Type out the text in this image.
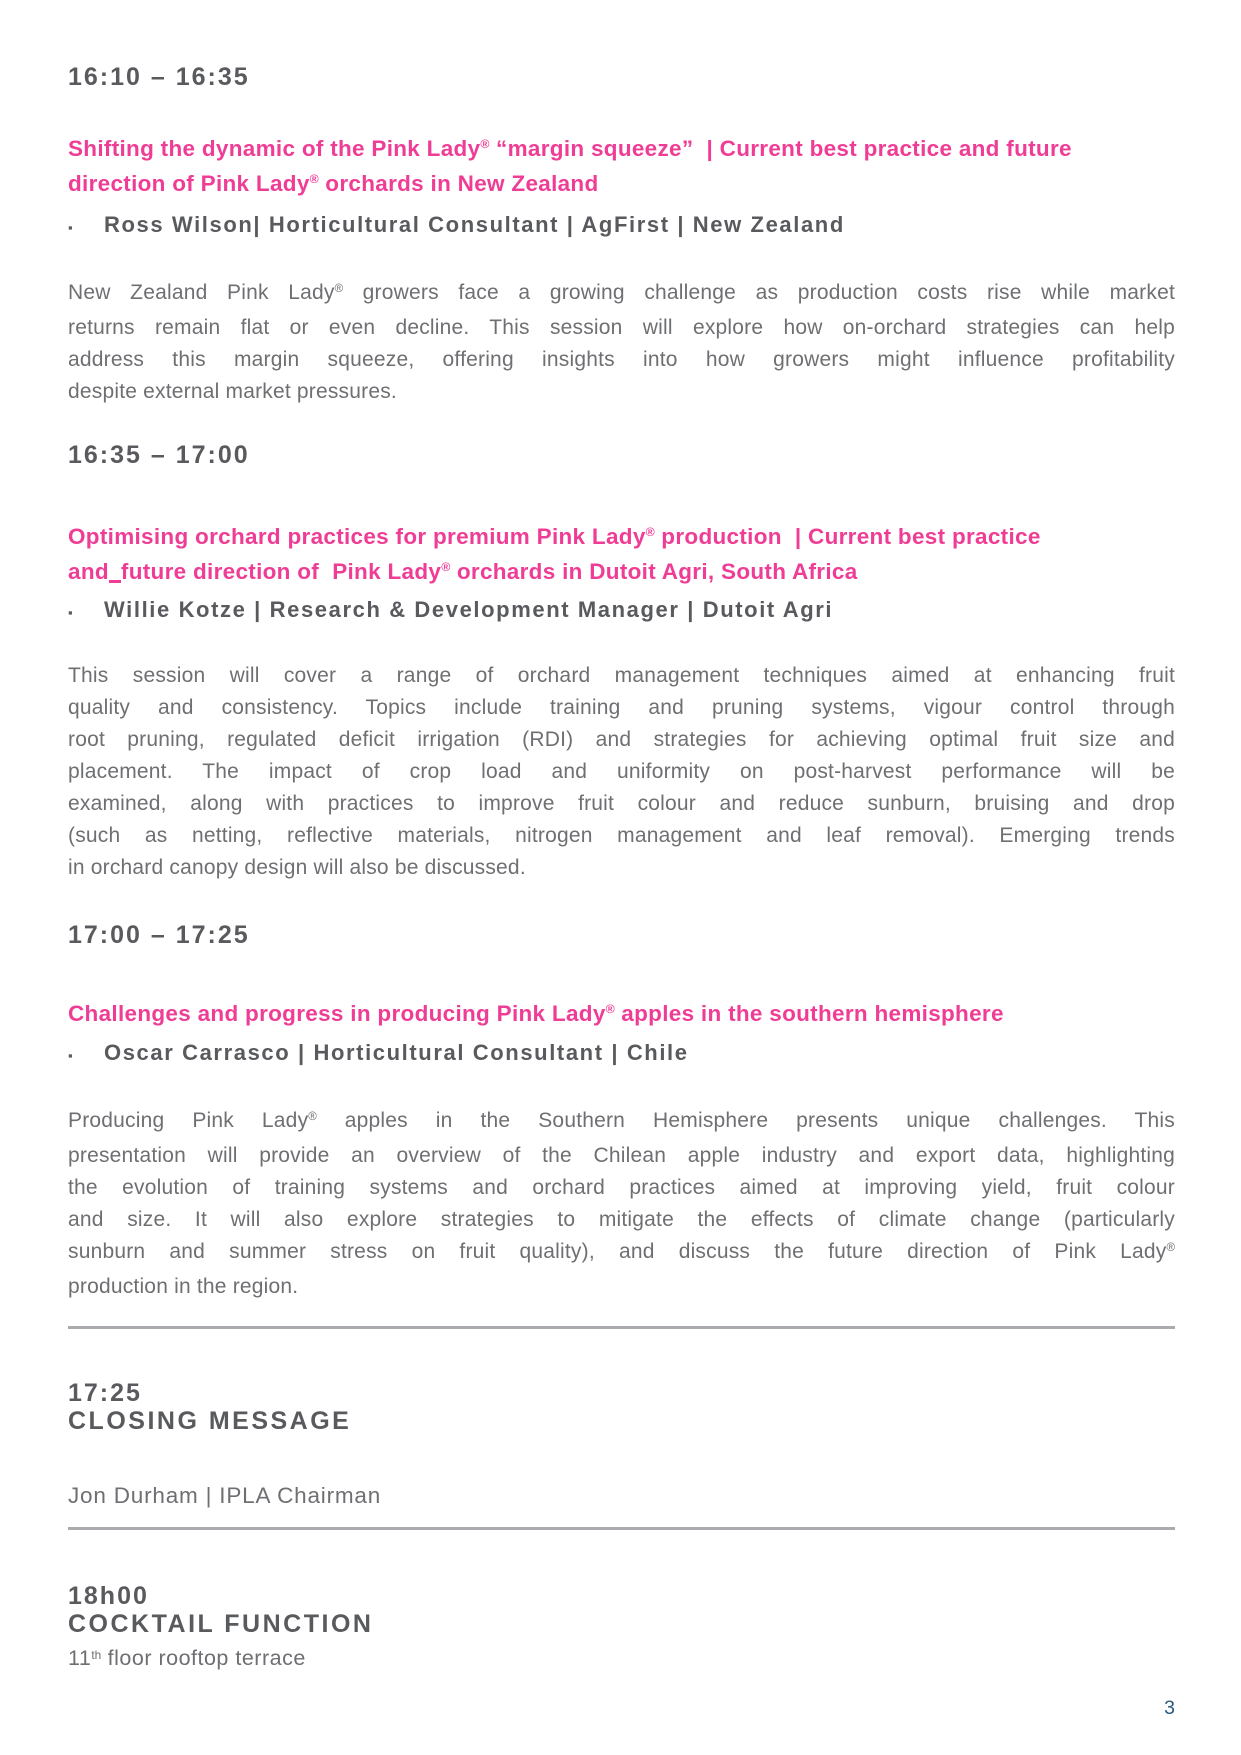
16:10 – 16:35
Shifting the dynamic of the Pink Lady® “margin squeeze”  | Current best practice and future
direction of Pink Lady® orchards in New Zealand
▪	Ross Wilson| Horticultural Consultant | AgFirst | New Zealand
New Zealand Pink Lady® growers face a growing challenge as production costs rise while market
returns remain flat or even decline. This session will explore how on-orchard strategies can help
address this margin squeeze, offering insights into how growers might influence profitability
despite external market pressures.
16:35 – 17:00
Optimising orchard practices for premium Pink Lady® production  | Current best practice
and future direction of  Pink Lady® orchards in Dutoit Agri, South Africa
▪	Willie Kotze | Research & Development Manager | Dutoit Agri
This session will cover a range of orchard management techniques aimed at enhancing fruit
quality and consistency. Topics include training and pruning systems, vigour control through
root pruning, regulated deficit irrigation (RDI) and strategies for achieving optimal fruit size and
placement. The impact of crop load and uniformity on post-harvest performance will be
examined, along with practices to improve fruit colour and reduce sunburn, bruising and drop
(such as netting, reflective materials, nitrogen management and leaf removal). Emerging trends
in orchard canopy design will also be discussed.
17:00 – 17:25
Challenges and progress in producing Pink Lady® apples in the southern hemisphere
▪	Oscar Carrasco | Horticultural Consultant | Chile
Producing Pink Lady® apples in the Southern Hemisphere presents unique challenges. This
presentation will provide an overview of the Chilean apple industry and export data, highlighting
the evolution of training systems and orchard practices aimed at improving yield, fruit colour
and size. It will also explore strategies to mitigate the effects of climate change (particularly
sunburn and summer stress on fruit quality), and discuss the future direction of Pink Lady®
production in the region.
17:25
CLOSING MESSAGE
Jon Durham | IPLA Chairman
18h00
COCKTAIL FUNCTION
11th floor rooftop terrace
3
